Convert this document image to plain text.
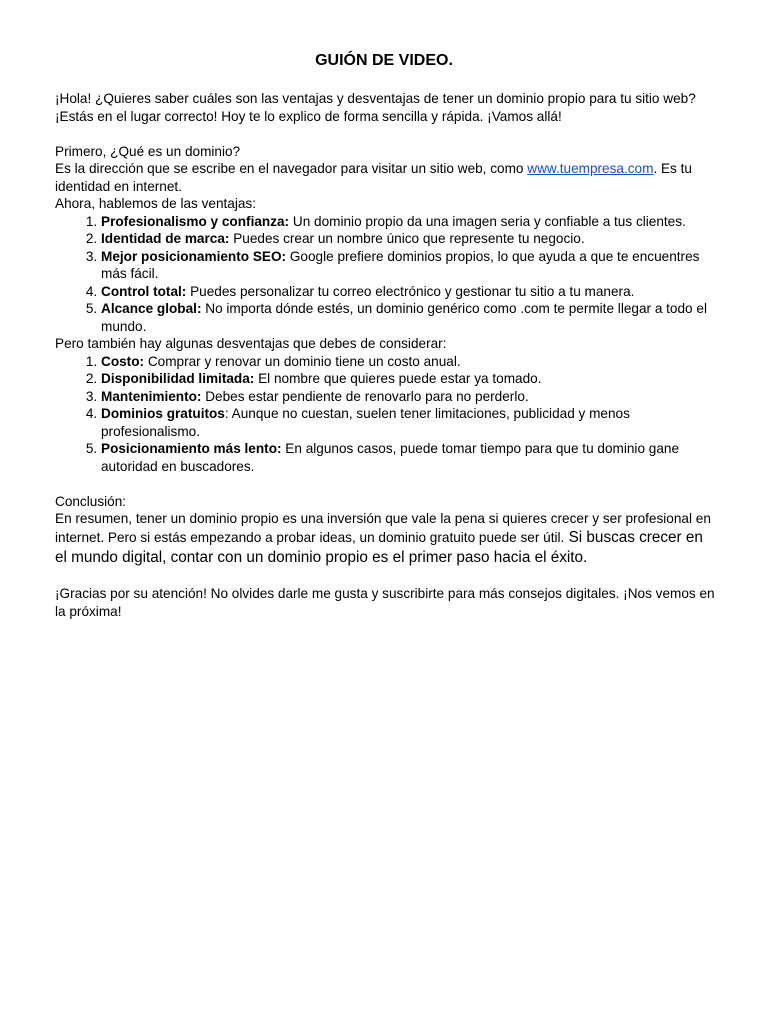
GUIÓN DE VIDEO.

¡Hola! ¿Quieres saber cuáles son las ventajas y desventajas de tener un dominio propio para tu sitio web? ¡Estás en el lugar correcto! Hoy te lo explico de forma sencilla y rápida. ¡Vamos allá!

Primero, ¿Qué es un dominio?

Es la dirección que se escribe en el navegador para visitar un sitio web, como www.tuempresa.com. Es tu identidad en internet.

Ahora, hablemos de las ventajas:

1. Profesionalismo y confianza: Un dominio propio da una imagen seria y confiable a tus clientes.
2. Identidad de marca: Puedes crear un nombre único que represente tu negocio.
3. Mejor posicionamiento SEO: Google prefiere dominios propios, lo que ayuda a que te encuentres más fácil.
4. Control total: Puedes personalizar tu correo electrónico y gestionar tu sitio a tu manera.
5. Alcance global: No importa dónde estés, un dominio genérico como .com te permite llegar a todo el mundo.

Pero también hay algunas desventajas que debes de considerar:

1. Costo: Comprar y renovar un dominio tiene un costo anual.
2. Disponibilidad limitada: El nombre que quieres puede estar ya tomado.
3. Mantenimiento: Debes estar pendiente de renovarlo para no perderlo.
4. Dominios gratuitos: Aunque no cuestan, suelen tener limitaciones, publicidad y menos profesionalismo.
5. Posicionamiento más lento: En algunos casos, puede tomar tiempo para que tu dominio gane autoridad en buscadores.

Conclusión:

En resumen, tener un dominio propio es una inversión que vale la pena si quieres crecer y ser profesional en internet. Pero si estás empezando a probar ideas, un dominio gratuito puede ser útil. Si buscas crecer en el mundo digital, contar con un dominio propio es el primer paso hacia el éxito.

¡Gracias por su atención! No olvides darle me gusta y suscribirte para más consejos digitales. ¡Nos vemos en la próxima!
